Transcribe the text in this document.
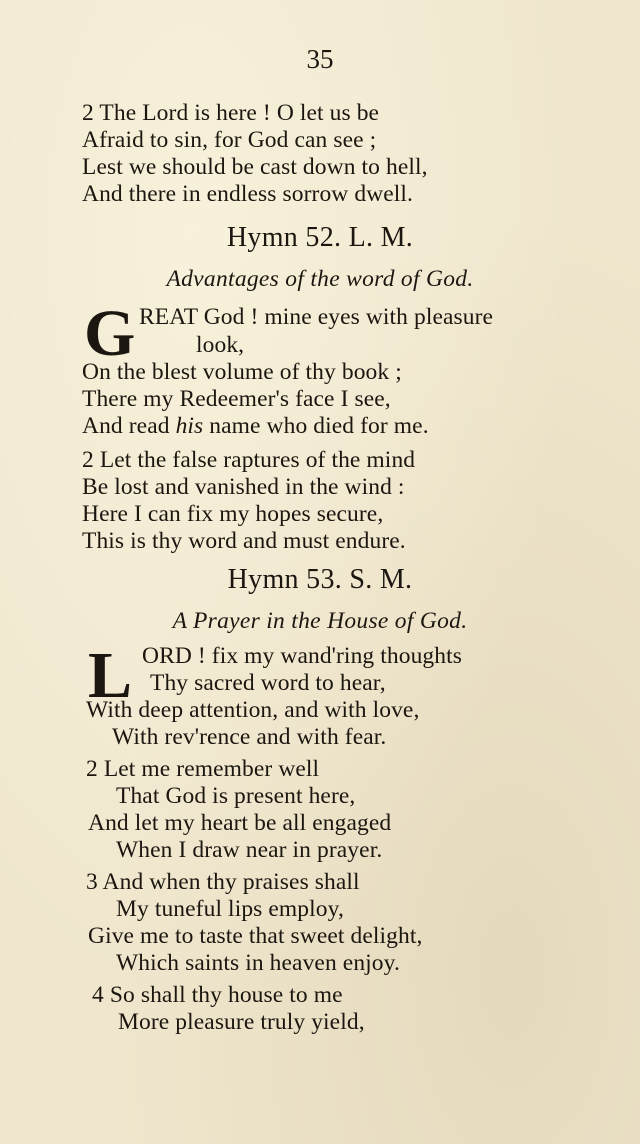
35
2 The Lord is here ! O let us be
Afraid to sin, for God can see ;
Lest we should be cast down to hell,
And there in endless sorrow dwell.
Hymn 52. L. M.
Advantages of the word of God.
G REAT God ! mine eyes with pleasure
look,
On the blest volume of thy book ;
There my Redeemer's face I see,
And read his name who died for me.
2 Let the false raptures of the mind
Be lost and vanished in the wind :
Here I can fix my hopes secure,
This is thy word and must endure.
Hymn 53. S. M.
A Prayer in the House of God.
L ORD ! fix my wand'ring thoughts
Thy sacred word to hear,
With deep attention, and with love,
With rev'rence and with fear.
2 Let me remember well
That God is present here,
And let my heart be all engaged
When I draw near in prayer.
3 And when thy praises shall
My tuneful lips employ,
Give me to taste that sweet delight,
Which saints in heaven enjoy.
4 So shall thy house to me
More pleasure truly yield,
